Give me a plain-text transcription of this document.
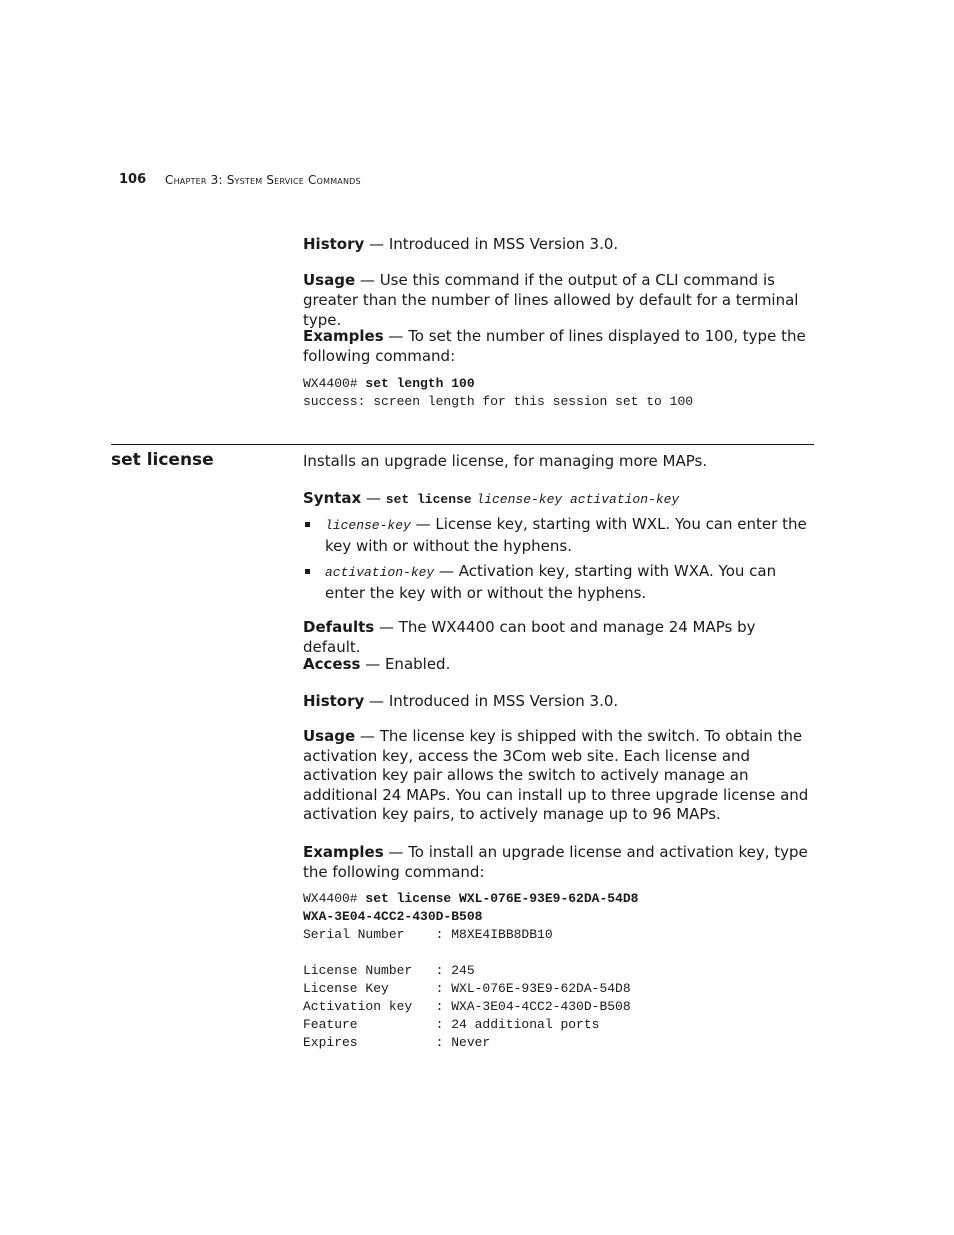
106 Chapter 3: System Service Commands
History — Introduced in MSS Version 3.0.
Usage — Use this command if the output of a CLI command is greater than the number of lines allowed by default for a terminal type.
Examples — To set the number of lines displayed to 100, type the following command:
WX4400# set length 100
success: screen length for this session set to 100
set license	Installs an upgrade license, for managing more MAPs.
Syntax — set license license-key activation-key
license-key — License key, starting with WXL. You can enter the key with or without the hyphens.
activation-key — Activation key, starting with WXA. You can enter the key with or without the hyphens.
Defaults — The WX4400 can boot and manage 24 MAPs by default.
Access — Enabled.
History — Introduced in MSS Version 3.0.
Usage — The license key is shipped with the switch. To obtain the activation key, access the 3Com web site. Each license and activation key pair allows the switch to actively manage an additional 24 MAPs. You can install up to three upgrade license and activation key pairs, to actively manage up to 96 MAPs.
Examples — To install an upgrade license and activation key, type the following command:
WX4400# set license WXL-076E-93E9-62DA-54D8
WXA-3E04-4CC2-430D-B508
Serial Number    : M8XE4IBB8DB10

License Number   : 245
License Key      : WXL-076E-93E9-62DA-54D8
Activation key   : WXA-3E04-4CC2-430D-B508
Feature          : 24 additional ports
Expires          : Never
